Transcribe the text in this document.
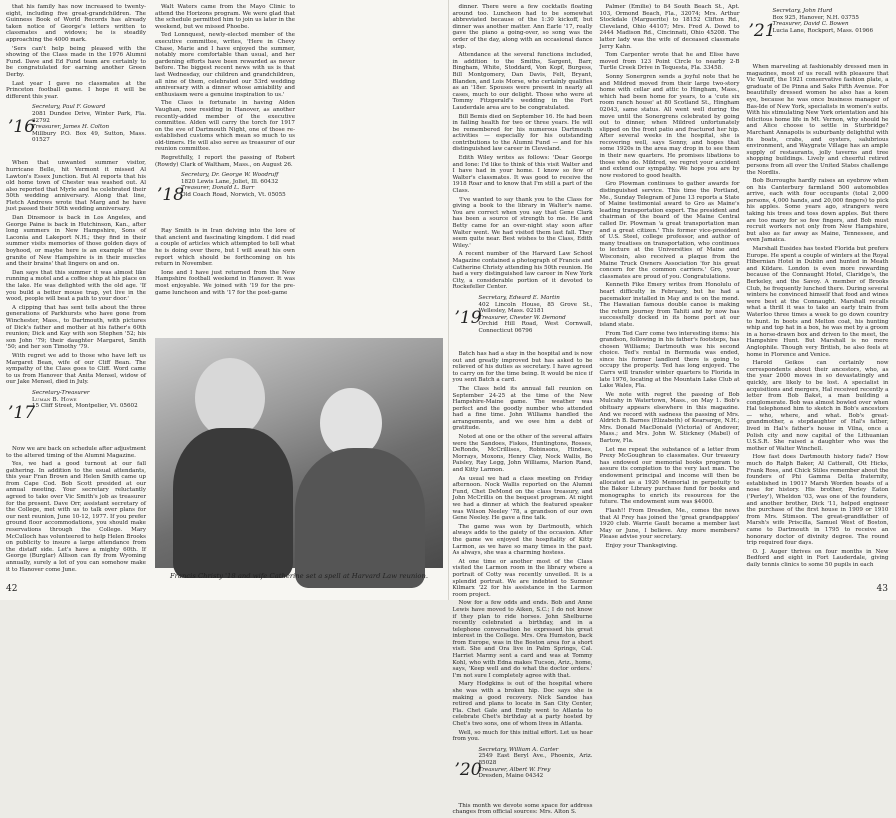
that his family has now increased to twenty-eight, including five great-grandchildren. The Guinness Book of World Records has already taken notice of George's letters written to classmates and widows; he is steadily approaching the 4000 mark.

'Sers can't help being pleased with the showing of the Class made in the 1976 Alumni Fund. Dave and Ed Fund team are certainly to be congratulated for earning another Green Derby.

Last year I gave no classmates at the Princeton football game. I hope it will be different this year.

’16
Secretary, Paul F. Goward
2081 Dundee Drive, Winter Park, Fla. 32792
Treasurer, James H. Colton
Millbury P.O. Box 49, Sutton, Mass. 01527

When that unwanted summer visitor, hurricane Belle, hit Vermont it missed Al Lawton's Essex Junction. But Al reports that his old home town of Chester was washed out. Al also reported that Myrle and he celebrated their 50th wedding anniversary. Along that line, Fletch Andrews wrote that Marg and he have just passed their 50th wedding anniversary.

Dan Dinsmoor is back in Los Angeles, and George Paine is back in Hutchinson, Kan., after long summers in New Hampshire, Sons of Laconia and Lakeport N.H.; they find in their summer visits memories of those golden days of boyhood, or maybe here is an example of 'the granite of New Hampshire is in their muscles and their brains' that lingers on and on.

Dan says that this summer it was almost like running a motel and a coffee shop at his place on the lake. He was delighted with the old age. 'If you build a better mouse trap, yet live in the wood, people will beat a path to your door.'

A clipping that has sent tells about the three generations of Parkhursts who have gone from Winchester, Mass., to Dartmouth, with pictures of Dick's father and mother at his father's 60th reunion; Dick and Kay with son Stephen '52; his son John '79; their daughter Margaret, Smith '50; and her son Timothy '79.

With regret we add to those who have left us Margaret Bean, wife of our Cliff Bean. The sympathy of the Class goes to Cliff. Word came to us from Hanover that Anita Mensel, widow of our Jake Mensel, died in July.

’17
Secretary-Treasurer
Luman B. Howe
15 Cliff Street, Montpelier, Vt. 05602

Now we are back on schedule after adjustment to the altered timing of the Alumni Magazine.

Yes, we had a good turnout at our fall gathering. In addition to the usual attendants, this year Fran Brown and Helen Smith came up from Cape Cod. Bob Scott presided at our annual meeting. Your secretary reluctantly agreed to take over Vic Smith's job as treasurer for the present. Dave Orr, assistant secretary of the College, met with us to talk over plans for our next reunion, June 10-12, 1977. If you prefer ground floor accommodations, you should make reservations through the College. Mary McCulloch has volunteered to help Helen Brooks on publicity to insure a large attendance from the distaff side. Let's have a mighty 60th. If George (Burglar) Allison can fly from Wyoming annually, surely a lot of you can somehow make it to Hanover come June.

Walt Waters came from the Mayo Clinic to attend the Horizons program. We were glad that the schedule permitted him to join us later in the weekend, but we missed Phoebe.

Ted Lonnquest, newly-elected member of the executive committee, writes, 'Here in Chevy Chase, Marie and I have enjoyed the summer, notably more comfortable than usual, and her gardening efforts have been rewarded as never before. The biggest recent news with us is that last Wednesday, our children and grandchildren, all nine of them, celebrated our 53rd wedding anniversary with a dinner whose amiability and enthusiasm were a genuine inspiration to us.'

The Class is fortunate in having Alden Vaughan, now residing in Hanover, as another recently-added member of the executive committee. Alden will carry the torch for 1917 on the eve of Dartmouth Night, one of those re-established customs which mean so much to us old-timers. He will also serve as treasurer of our reunion committee.

Regretfully, I report the passing of Robert (Rowdy) Clark of Waltham, Mass., on August 26.

’18
Secretary, Dr. George W. Woodruff
1820 Lewis Lane, Joliet, Ill. 60432
Treasurer, Donald L. Barr
Old Coach Road, Norwich, Vt. 05055

Ray Smith is in Iran delving into the lore of that ancient and fascinating kingdom. I did read a couple of articles which attempted to tell what he is doing over there, but I will await his own report which should be forthcoming on his return in November.

Ione and I have just returned from the New Hampshire football weekend in Hanover. It was most enjoyable. We joined with '19 for the pre-game luncheon and with '17 for the post-game

Francis Christy '18 and wife Catherine set a spell at Harvard Law reunion.
42

dinner. There were a few cocktails floating around too. Luncheon had to be somewhat abbreviated because of the 1:30 kickoff, but dinner was another matter. Ann Earle '17, really gave the piano a going-over, so song was the order of the day, along with an occasional dance step.

Attendance at the several functions included, in addition to the Smiths, Sargent, Barr, Bingham, White, Stoddard, Von Kopf, Burgess, Bill Montgomery, Dan Davis, Felt, Bryant, Blanden, and Lois Morse, who certainly qualifies as an '18er. Spouses were present in nearly all cases, much to our delight. Those who were at Tommy Fitzgerald's wedding in the Fort Lauderdale area are to be congratulated.

Bill Bemis died on September 16. He had been in failing health for two or three years. He will be remembered for his numerous Dartmouth activities — especially for his outstanding contributions to the Alumni Fund — and for his distinguished law career in Cleveland.

Edith Wiley writes as follows: 'Dear George and Ione: I'd like to think of this visit Walter and I have had in your home. I know so few of Walter's classmates. It was good to receive the 1918 Roar and to know that I'm still a part of the Class.

'I've wanted to say thank you to the Class for giving a book to the library in Walter's name. You are correct when you say that Gene Clark has been a source of strength to me. He and Betty came for an over-night stay soon after Walter went. We had visited them last fall. They seem quite near. Best wishes to the Class, Edith Wiley.'

A recent number of the Harvard Law School Magazine contained a photograph of Francis and Catherine Christy attending his 50th reunion. He had a very distinguished law career in New York City, a considerable portion of it devoted to Rockefeller Center.

’19
Secretary, Edward E. Martin
402 Lincoln House, 85 Grove St., Wellesley, Mass. 02181
Treasurer, Chester W. Demond
Orchid Hill Road, West Cornwall, Connecticut 06796

Batch has had a stay in the hospital and is now out and greatly improved but has asked to be relieved of his duties as secretary. I have agreed to carry on for the time being. It would be nice if you sent Batch a card.

The Class held its annual fall reunion on September 24-25 at the time of the New Hampshire-Maine game. The weather was perfect and the goodly number who attended had a fine time. John Williams handled the arrangements, and we owe him a debt of gratitude.

Noted at one or the other of the several affairs were the Sandoes, Fiskes, Huntingtons, Rosses, DeRonds, McCrillises, Robinsons, Hindses, Morrays, Moxons, Henry Clay, Nock Wallis, Bo Paisley, Ray Legg, John Williams, Marion Rand, and Kitty Larmon.

As usual we had a class meeting on Friday afternoon. Nock Wallis reported on the Alumni Fund, Chet DeMond on the class treasury, and John McCrillis on the bequest program. At night we had a dinner at which the featured speaker was Wilson Neeley '78, a grandson of our own Gene Neeley. He gave a fine talk.

The game was won by Dartmouth, which always adds to the gaiety of the occasion. After the game we enjoyed the hospitality of Kitty Larmon, as we have so many times in the past. As always, she was a charming hostess.

At one time or another most of the Class visited the Larmon room in the library where a portrait of Cotty was recently unveiled. It is a splendid portrait. We are indebted to Sumner Kilmarx '22 for his assistance in the Larmon room project.

Now for a few odds and ends. Bob and Anne Lewis have moved to Aiken, S.C.; I do not know if they plan to ride horses. John Shelburne recently celebrated a birthday, and in a telephone conversation he expressed his great interest in the College. Mrs. Ora Humston, back from Europe, was in the Boston area for a short visit. She and Ora live in Palm Springs, Cal. Harriet Marmy sent a card and was at Tommy Kohl, who with Edna makes Tucson, Ariz., home, says, 'Keep well and do what the doctor orders.' I'm not sure I completely agree with that.

Mary Hodgkins is out of the hospital where she was with a broken hip. Doc says she is making a good recovery. Nick Sandoe has retired and plans to locate in San City Center, Fla. Chet Gale and Emily went to Atlanta to celebrate Chet's birthday at a party hosted by Chet's two sons, one of whom lives in Atlanta.

Well, so much for this initial effort. Let us hear from you.

’20
Secretary, William A. Carter
2549 East Beryl Ave., Phoenix, Ariz. 85028
Treasurer, Albert W. Frey
Dresden, Maine 04342

This month we devote some space for address changes from official sources: Mrs. Alton S.

Palmer (Emilie) to 84 South Beach St., Apt. 103, Ormond Beach, Fla., 32074; Mrs. Arthur Stockdale (Marguerite) to 18152 Clifton Rd., Cleveland, Ohio 44107; Mrs. Fred A. Dowd to 2444 Madison Rd., Cincinnati, Ohio 45208. The latter lady was the wife of deceased classmate Jerry Kahn.

Tom Carpenter wrote that he and Elise have moved from 123 Point Circle to nearby 2-B Turtle Creek Drive in Tequesta, Fla. 33458.

Sonny Sonergren sends a joyful note that he and Mildred moved from their large two-story home with cellar and attic to Hingham, Mass., which had been home for years, to a 'cute six room ranch house' at 80 Scotland St., Hingham 02043, same status. All went well during the move until the Sonergrens celebrated by going out to dinner, when Mildred unfortunately slipped on the front patio and fractured her hip. After several weeks in the hospital, she is recovering well, says Sonny, and hopes that some 1920s in the area may drop in to see them in their new quarters. He promises libations to those who do. Mildred, we regret your accident and extend our sympathy. We hope you are by now restored to good health.

Gro Plowman continues to gather awards for distinguished service. This time the Portland, Me., Sunday Telegram of June 13 reports a State of Maine testimonial award to Gro as Maine's leading transportation expert. The president and chairman of the board of the Maine Central called Dr. Plowman 'a great transportation man and a great citizen.' This former vice-president of U.S. Steel, college professor, and author of many treatises on transportation, who continues to lecture at the Universities of Maine and Wisconsin, also received a plaque from the Maine Truck Owners Association 'for his great concern for the common carriers.' Gro, your classmates are proud of you. Congratulations.

Kenneth Fike Emery writes from Honolulu of heart difficulty in February, but he had a pacemaker installed in May and is on the mend. The Hawaiian famous double canoe is making the return journey from Tahiti and by now has successfully docked in its home port at our island state.

From Ted Carr come two interesting items: his grandson, following in his father's footsteps, has chosen Williams; Dartmouth was his second choice. Ted's rental in Bermuda was ended, since his former landlord there is going to occupy the property. Ted has long enjoyed. The Carrs will transfer winter quarters to Florida in late 1976, locating at the Mountain Lake Club at Lake Wales, Fla.

We note with regret the passing of Bob Mulcahy in Watertown, Mass., on May 1. Bob's obituary appears elsewhere in this magazine. And we record with sadness the passing of Mrs. Aldrich B. Barnes (Elizabeth) of Kearsarge, N.H.; Mrs. Donald MacDonald (Victoria) of Andover, Mass.; and Mrs. John W. Stickney (Mabel) of Bartow, Fla.

Let me repeat the substance of a letter from Prexy McGoughran to classmates. Our treasury has endowed our memorial books program to assure its completion to the very last man. The endowment principal and income will then be allocated as a 1920 Memorial in perpetuity to the Baker Library purchase fund for books and monographs to enrich its resources for the future. The endowment sum was $4000.

Flash!! From Dresden, Me., comes the news that Al Frey has joined the 'great grandpappies' 1920 club. Warrie Gault became a member last May or June, I believe. Any more members? Please advise your secretary.

Enjoy your Thanksgiving.

’21
Secretary, John Hurd
Box 925, Hanover, N.H. 03755
Treasurer, David C. Bowen
Lucia Lane, Rockport, Mass. 01966

When marveling at fashionably dressed men in magazines, most of us recall with pleasure that Vic Vaniff, the 1921 conservative fashion plate, a graduate of De Pinna and Saks Fifth Avenue. For beautifully dressed women he also has a keen eye, because he was once business manager of Bas-Ide of New York, specialists in women's suits. With his stimulating New York orientation and his felicitous home life in Mt. Vernon, why should he and Alice choose to settle in Sturbridge? Marchant Annapolis is suburbanly delightful with its boats, crabs, and oysters, salubrious environment, and Waygrate Village has an ample supply of restaurants, jolly taverns and tree shopping buildings. Lively and cheerful retired persons from all over the United States challenge the Nordlis.

Bob Burroughs hardly raises an eyebrow when on his Canterbury farmland 500 automobiles arrive, each with four occupants (total 2,000 persons, 4,000 hands, and 20,000 fingers) to pick his apples. Some years ago, strangers were taking his trees and toss down apples. But there are too many for so few fingers, and Bob must recruit workers not only from New Hampshire, but also as far away as Maine, Tennessee, and even Jamaica.

Marshall Eusides has tested Florida but prefers Europe. He spent a couple of winters at the Royal Hibernian Hotel in Dublin and hunted in Meath and Kildare. London is even more rewarding because of the Connaught Hotel, Claridge's, the Berkeley, and the Savoy. A member of Brooks Club, he frequently lunched there. During several winters he convinced himself that food and wines were best at the Connaught. Marshall recalls what a thrill it was to take an early train from Waterloo three times a week to go down country to hunt. In boots and Melton coat, his hunting whip and top hat in a box, he was met by a groom in a horse-drawn box and driven to the meet, the Hampshire Hunt. But Marshall is no mere Anglophile. Though very British, he also feels at home in Florence and Venice.

Harold Geikos can certainly now correspondents about their ancestors, who, as the year 2000 moves in so devastatingly and quickly, are likely to be lost. A specialist in acquisitions and mergers, Hal received recently a letter from Bob Bakst, a man building a conglomerate. Bob was almost bowled over when Hal telephoned him to sketch in Bob's ancestors — who, where, and what. Bob's great-grandmother, a stepdaughter of Hal's father, lived in Hal's father's house in Vilna, once a Polish city and now capital of the Lithuanian U.S.S.R. She raised a daughter who was the mother of Walter Winchell.

How fast does Dartmouth history fade? How much do Ralph Baker, Al Catterall, Ott Hicks, Frank Ross, and Chick Stiles remember about the founders of Phi Gamma Delta fraternity, established in 1901? Marsh Worden boasts of a nose for history. His brother, Perley Eaton ('Perley'), Wheldon '03, was one of the founders, and another brother, Dick '11, helped engineer the purchase of the first house in 1909 or 1910 from Mrs. Stimson. The great-grandfather of Marsh's wife Priscilla, Samuel West of Boston, came to Dartmouth in 1795 to receive an honorary doctor of divinity degree. The round trip required four days.

O. J. Auger thrives on four months in New Bedford and eight in Fort Lauderdale, giving daily tennis clinics to some 50 pupils in each

43
